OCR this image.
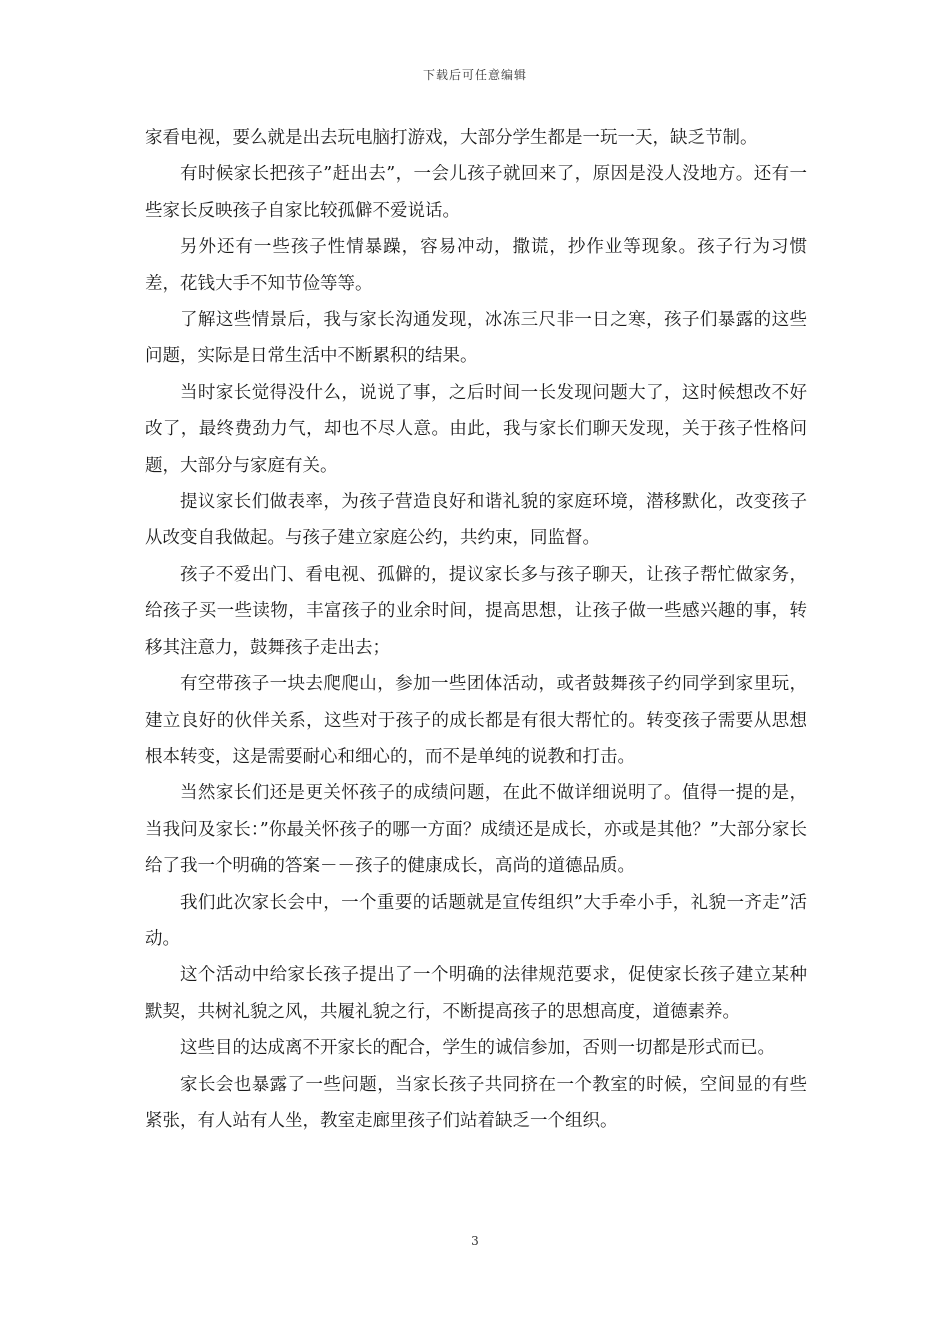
下载后可任意编辑

家看电视，要么就是出去玩电脑打游戏，大部分学生都是一玩一天，缺乏节制。

有时候家长把孩子”赶出去”，一会儿孩子就回来了，原因是没人没地方。还有一些家长反映孩子自家比较孤僻不爱说话。

另外还有一些孩子性情暴躁，容易冲动，撒谎，抄作业等现象。孩子行为习惯差，花钱大手不知节俭等等。

了解这些情景后，我与家长沟通发现，冰冻三尺非一日之寒，孩子们暴露的这些问题，实际是日常生活中不断累积的结果。

当时家长觉得没什么，说说了事，之后时间一长发现问题大了，这时候想改不好改了，最终费劲力气，却也不尽人意。由此，我与家长们聊天发现，关于孩子性格问题，大部分与家庭有关。

提议家长们做表率，为孩子营造良好和谐礼貌的家庭环境，潜移默化，改变孩子从改变自我做起。与孩子建立家庭公约，共约束，同监督。

孩子不爱出门、看电视、孤僻的，提议家长多与孩子聊天，让孩子帮忙做家务，给孩子买一些读物，丰富孩子的业余时间，提高思想，让孩子做一些感兴趣的事，转移其注意力，鼓舞孩子走出去；

有空带孩子一块去爬爬山，参加一些团体活动，或者鼓舞孩子约同学到家里玩，建立良好的伙伴关系，这些对于孩子的成长都是有很大帮忙的。转变孩子需要从思想根本转变，这是需要耐心和细心的，而不是单纯的说教和打击。

当然家长们还是更关怀孩子的成绩问题，在此不做详细说明了。值得一提的是，当我问及家长：”你最关怀孩子的哪一方面？成绩还是成长，亦或是其他？”大部分家长给了我一个明确的答案－－孩子的健康成长，高尚的道德品质。

我们此次家长会中，一个重要的话题就是宣传组织”大手牵小手，礼貌一齐走”活动。

这个活动中给家长孩子提出了一个明确的法律规范要求，促使家长孩子建立某种默契，共树礼貌之风，共履礼貌之行，不断提高孩子的思想高度，道德素养。

这些目的达成离不开家长的配合，学生的诚信参加，否则一切都是形式而已。

家长会也暴露了一些问题，当家长孩子共同挤在一个教室的时候，空间显的有些紧张，有人站有人坐，教室走廊里孩子们站着缺乏一个组织。

3
